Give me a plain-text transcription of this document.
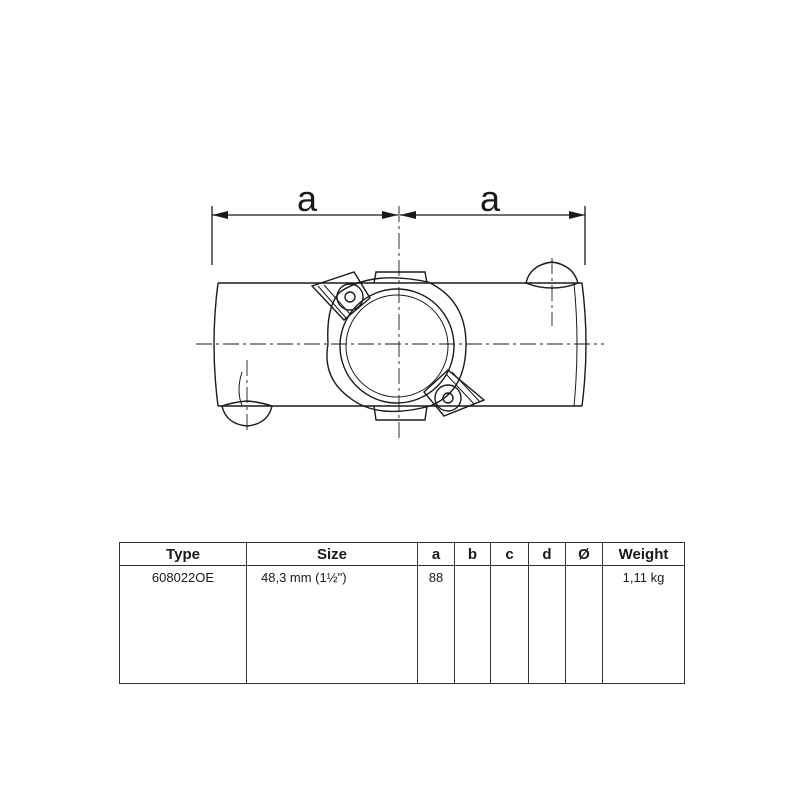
a	a
Type	Size	a	b	c	d	Ø	Weight
608022OE	48,3 mm (1½")	88					1,11 kg
